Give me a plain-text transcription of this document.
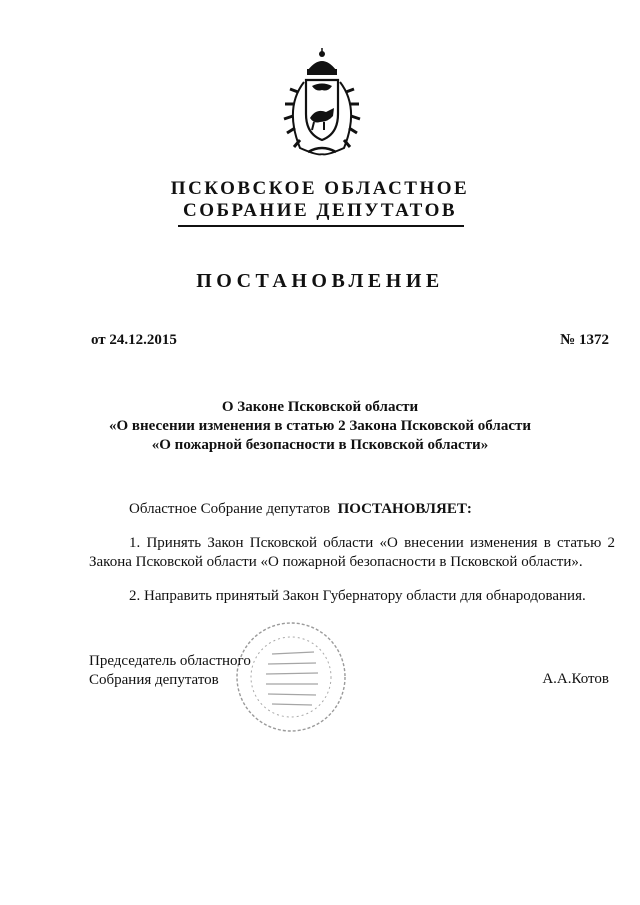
ПСКОВСКОЕ ОБЛАСТНОЕ
СОБРАНИЕ ДЕПУТАТОВ
ПОСТАНОВЛЕНИЕ
от 24.12.2015	№ 1372
О Законе Псковской области
«О внесении изменения в статью 2 Закона Псковской области
«О пожарной безопасности в Псковской области»
Областное Собрание депутатов ПОСТАНОВЛЯЕТ:
1. Принять Закон Псковской области «О внесении изменения в статью 2 Закона Псковской области «О пожарной безопасности в Псковской области».
2. Направить принятый Закон Губернатору области для обнародования.
Председатель областного
Собрания депутатов	А.А.Котов
